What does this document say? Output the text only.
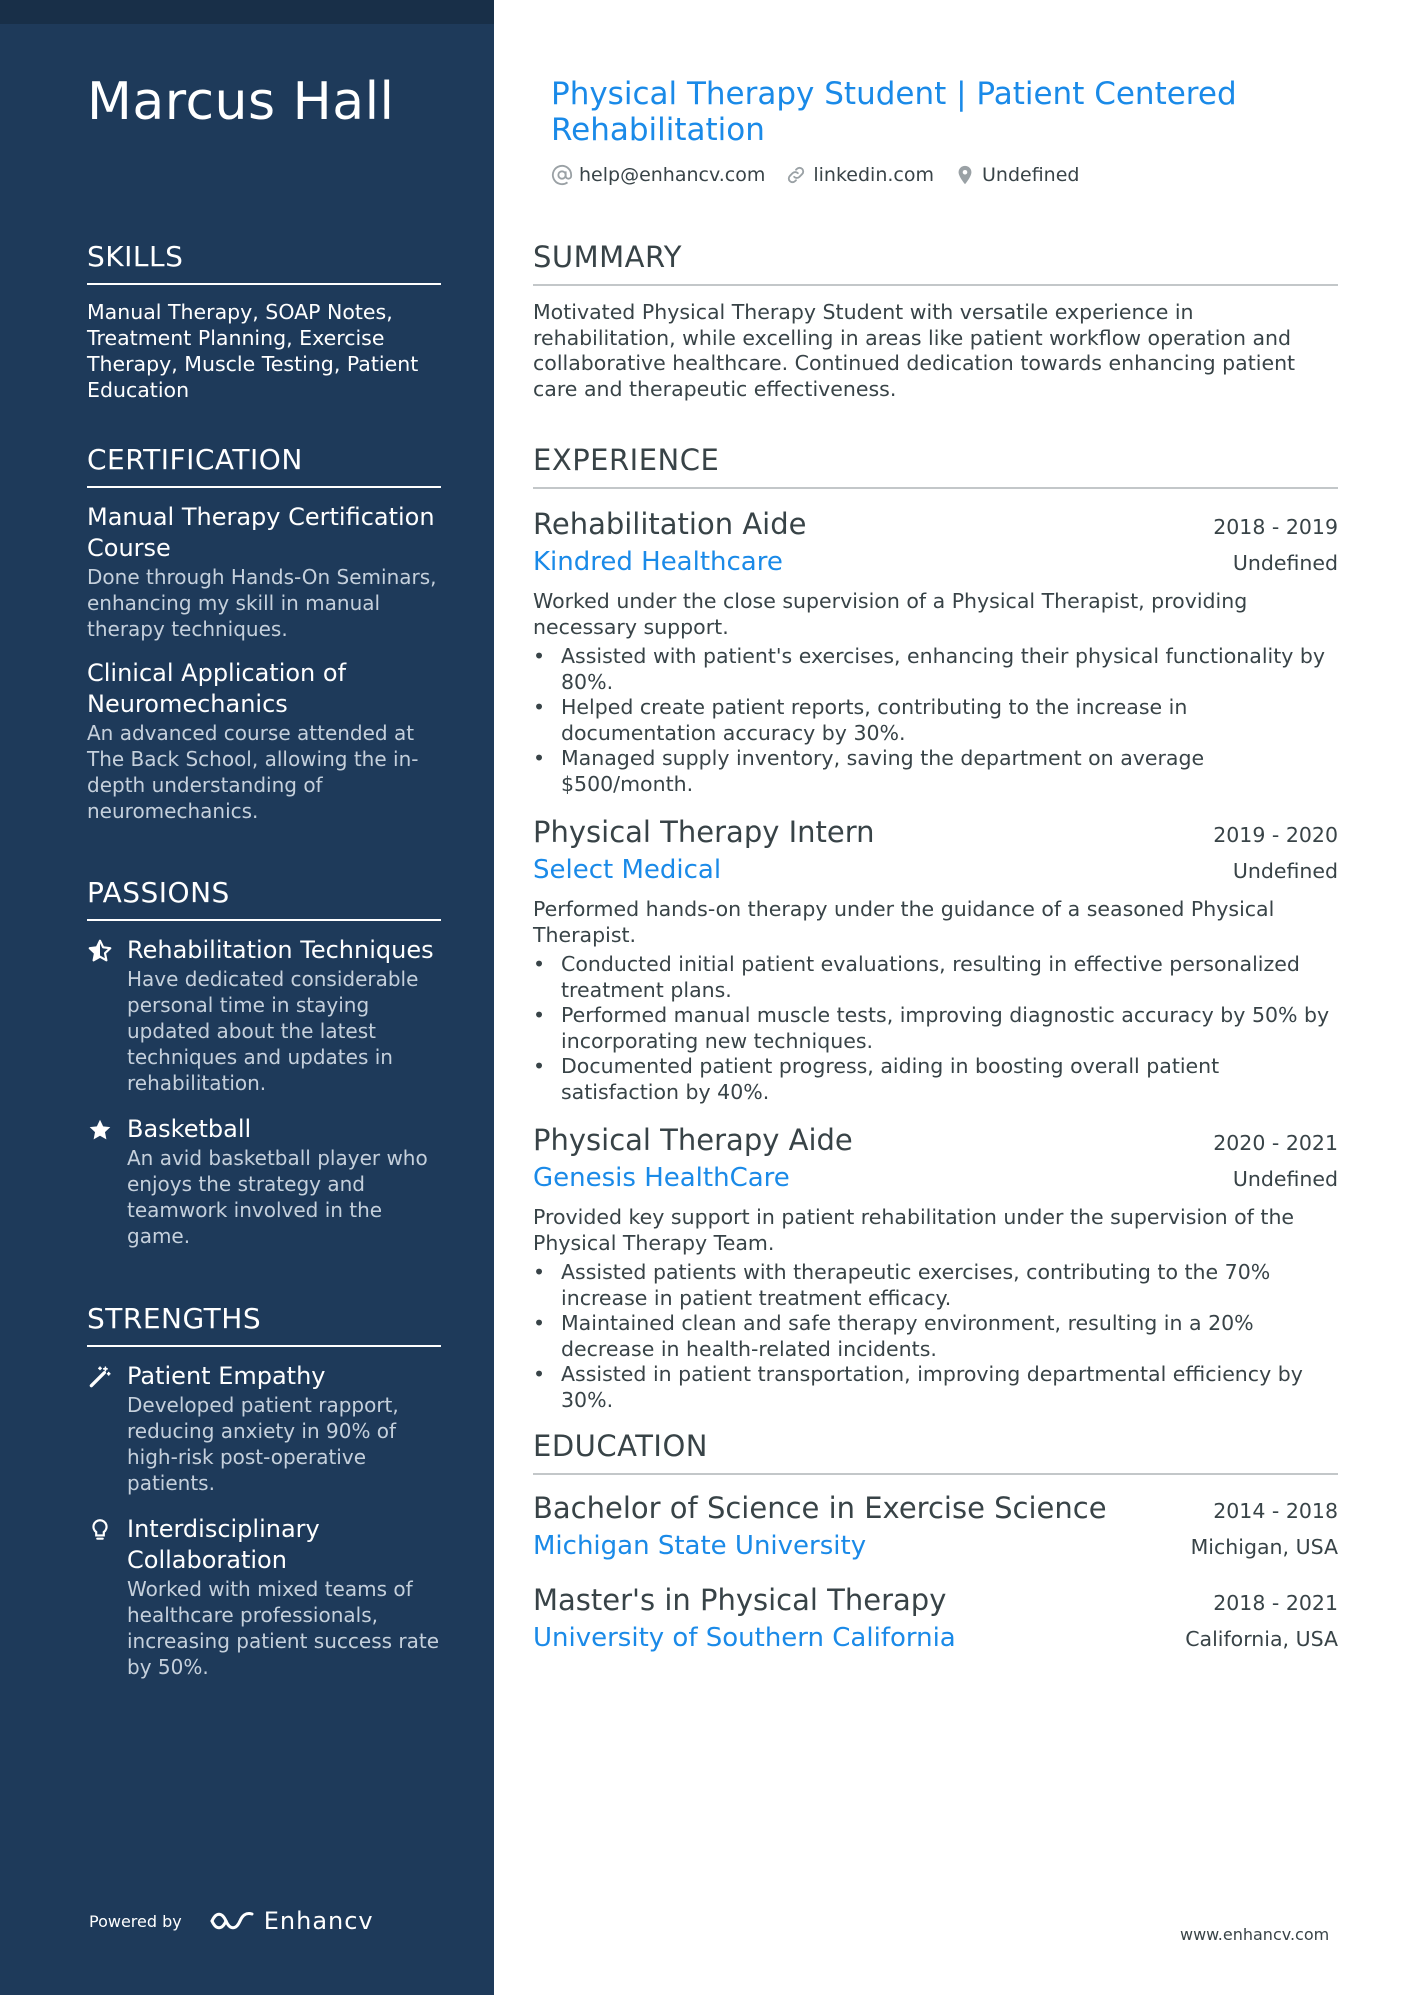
Marcus Hall
SKILLS
Manual Therapy, SOAP Notes, Treatment Planning, Exercise Therapy, Muscle Testing, Patient Education
CERTIFICATION
Manual Therapy Certification Course
Done through Hands-On Seminars, enhancing my skill in manual therapy techniques.
Clinical Application of Neuromechanics
An advanced course attended at The Back School, allowing the in-depth understanding of neuromechanics.
PASSIONS
Rehabilitation Techniques
Have dedicated considerable personal time in staying updated about the latest techniques and updates in rehabilitation.
Basketball
An avid basketball player who enjoys the strategy and teamwork involved in the game.
STRENGTHS
Patient Empathy
Developed patient rapport, reducing anxiety in 90% of high-risk post-operative patients.
Interdisciplinary Collaboration
Worked with mixed teams of healthcare professionals, increasing patient success rate by 50%.
Powered by	Enhancv
Physical Therapy Student | Patient Centered Rehabilitation
help@enhancv.com	linkedin.com	Undefined
SUMMARY
Motivated Physical Therapy Student with versatile experience in rehabilitation, while excelling in areas like patient workflow operation and collaborative healthcare. Continued dedication towards enhancing patient care and therapeutic effectiveness.
EXPERIENCE
Rehabilitation Aide	2018 - 2019
Kindred Healthcare	Undefined
Worked under the close supervision of a Physical Therapist, providing necessary support.
• Assisted with patient's exercises, enhancing their physical functionality by 80%.
• Helped create patient reports, contributing to the increase in documentation accuracy by 30%.
• Managed supply inventory, saving the department on average $500/month.
Physical Therapy Intern	2019 - 2020
Select Medical	Undefined
Performed hands-on therapy under the guidance of a seasoned Physical Therapist.
• Conducted initial patient evaluations, resulting in effective personalized treatment plans.
• Performed manual muscle tests, improving diagnostic accuracy by 50% by incorporating new techniques.
• Documented patient progress, aiding in boosting overall patient satisfaction by 40%.
Physical Therapy Aide	2020 - 2021
Genesis HealthCare	Undefined
Provided key support in patient rehabilitation under the supervision of the Physical Therapy Team.
• Assisted patients with therapeutic exercises, contributing to the 70% increase in patient treatment efficacy.
• Maintained clean and safe therapy environment, resulting in a 20% decrease in health-related incidents.
• Assisted in patient transportation, improving departmental efficiency by 30%.
EDUCATION
Bachelor of Science in Exercise Science	2014 - 2018
Michigan State University	Michigan, USA
Master's in Physical Therapy	2018 - 2021
University of Southern California	California, USA
www.enhancv.com
